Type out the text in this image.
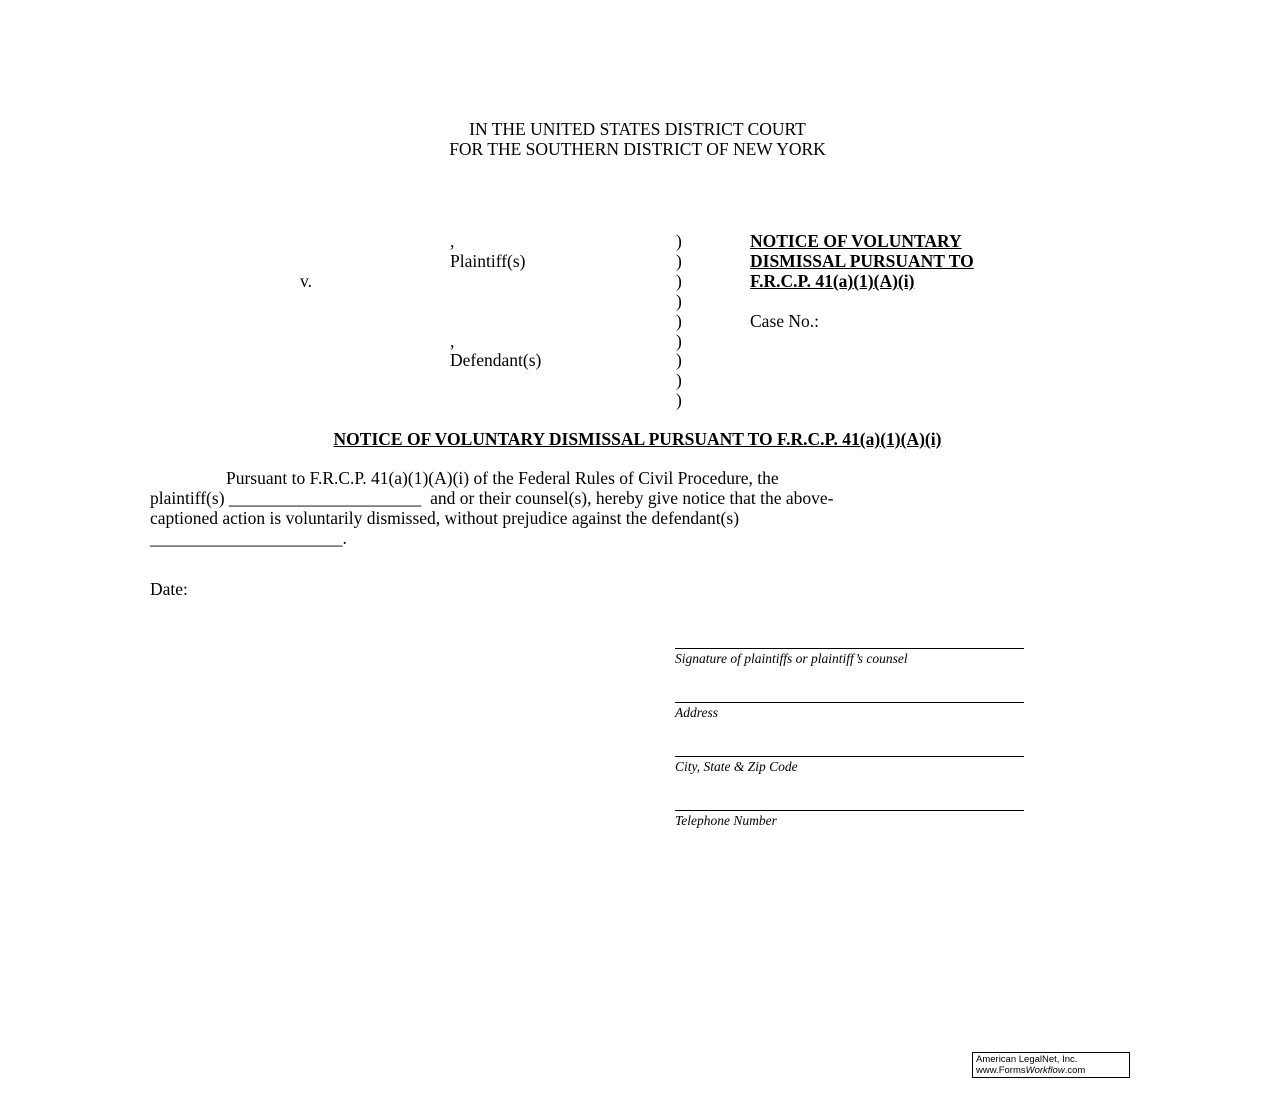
IN THE UNITED STATES DISTRICT COURT
FOR THE SOUTHERN DISTRICT OF NEW YORK
,
Plaintiff(s)
v.
,
Defendant(s)
)
)
)
)
)
)
)
)
)
NOTICE OF VOLUNTARY
DISMISSAL PURSUANT TO
F.R.C.P. 41(a)(1)(A)(i)
Case No.:
NOTICE OF VOLUNTARY DISMISSAL PURSUANT TO F.R.C.P. 41(a)(1)(A)(i)
Pursuant to F.R.C.P. 41(a)(1)(A)(i) of the Federal Rules of Civil Procedure, the
plaintiff(s) ______________________  and or their counsel(s), hereby give notice that the above-
captioned action is voluntarily dismissed, without prejudice against the defendant(s)
______________________.
Date:
Signature of plaintiffs or plaintiff’s counsel
Address
City, State & Zip Code
Telephone Number
American LegalNet, Inc.
www.FormsWorkflow.com
